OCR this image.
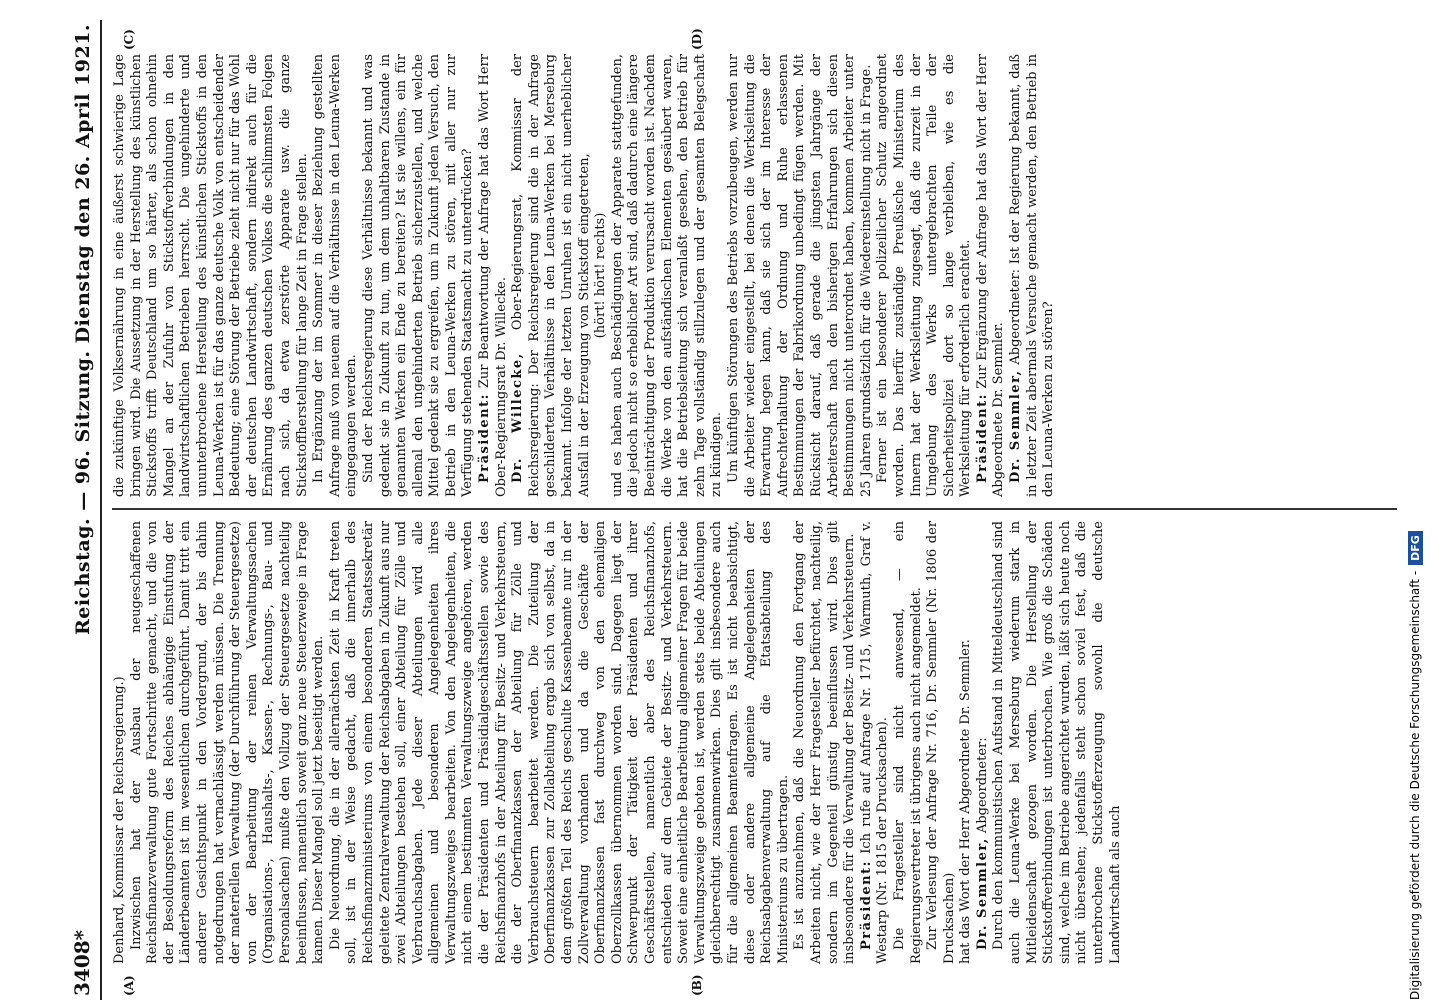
3408*
Reichstag. — 96. Sitzung. Dienstag den 26. April 1921.
(A)	(B)
(C)	(D)

Denhard, Kommissar der Reichsregierung.) Inzwischen hat der Ausbau der neugeschaffenen Reichsfinanzverwaltung gute Fortschritte gemacht, und die von der Besoldungsreform des Reiches abhängige Einstufung der Länderbeamten ist im wesentlichen durchgeführt. Damit tritt ein anderer Gesichtspunkt in den Vordergrund, der bis dahin notgedrungen hat vernachlässigt werden müssen. Die Trennung der materiellen Verwaltung (der Durchführung der Steuergesetze) von der Bearbeitung der reinen Verwaltungssachen (Organisations-, Haushalts-, Kassen-, Rechnungs-, Bau- und Personalsachen) mußte den Vollzug der Steuergesetze nachteilig beeinflussen, namentlich soweit ganz neue Steuerzweige in Frage kamen. Dieser Mangel soll jetzt beseitigt werden. Die Neuordnung, die in der allernächsten Zeit in Kraft treten soll, ist in der Weise gedacht, daß die innerhalb des Reichsfinanzministeriums von einem besonderen Staatssekretär geleitete Zentralverwaltung der Reichsabgaben in Zukunft aus nur zwei Abteilungen bestehen soll, einer Abteilung für Zölle und Verbrauchsabgaben. Jede dieser Abteilungen wird alle allgemeinen und besonderen Angelegenheiten ihres Verwaltungszweiges bearbeiten. Von den Angelegenheiten, die nicht einem bestimmten Verwaltungszweige angehören, werden die der Präsidenten und Präsidialgeschäftsstellen sowie des Reichsfinanzhofs in der Abteilung für Besitz- und Verkehrsteuern, die der Oberfinanzkassen der Abteilung für Zölle und Verbrauchsteuern bearbeitet werden. Die Zuteilung der Oberfinanzkassen zur Zollabteilung ergab sich von selbst, da in dem größten Teil des Reichs geschulte Kassenbeamte nur in der Zollverwaltung vorhanden und da die Geschäfte der Oberfinanzkassen fast durchweg von den ehemaligen Oberzollkassen übernommen worden sind. Dagegen liegt der Schwerpunkt der Tätigkeit der Präsidenten und ihrer Geschäftsstellen, namentlich aber des Reichsfinanzhofs, entschieden auf dem Gebiete der Besitz- und Verkehrsteuern. Soweit eine einheitliche Bearbeitung allgemeiner Fragen für beide Verwaltungszweige geboten ist, werden stets beide Abteilungen gleichberechtigt zusammenwirken. Dies gilt insbesondere auch für die allgemeinen Beamtenfragen. Es ist nicht beabsichtigt, diese oder andere allgemeine Angelegenheiten der Reichsabgabenverwaltung auf die Etatsabteilung des Ministeriums zu übertragen. Es ist anzunehmen, daß die Neuordnung den Fortgang der Arbeiten nicht, wie der Herr Fragesteller befürchtet, nachteilig, sondern im Gegenteil günstig beeinflussen wird. Dies gilt insbesondere für die Verwaltung der Besitz- und Verkehrsteuern. Präsident: Ich rufe auf Anfrage Nr. 1715, Warmuth, Graf v. Westarp (Nr. 1815 der Drucksachen). Die Fragesteller sind nicht anwesend, — ein Regierungsvertreter ist übrigens auch nicht angemeldet. Zur Verlesung der Anfrage Nr. 716, Dr. Semmler (Nr. 1806 der Drucksachen) hat das Wort der Herr Abgeordnete Dr. Semmler. Dr. Semmler, Abgeordneter: Durch den kommunistischen Aufstand in Mitteldeutschland sind auch die Leuna-Werke bei Merseburg wiederum stark in Mitleidenschaft gezogen worden. Die Herstellung der Stickstoffverbindungen ist unterbrochen. Wie groß die Schäden sind, welche im Betriebe angerichtet wurden, läßt sich heute noch nicht übersehen; jedenfalls steht schon soviel fest, daß die unterbrochene Stickstofferzeugung sowohl die deutsche Landwirtschaft als auch

die zukünftige Volksernährung in eine äußerst schwierige Lage bringen wird. Die Aussetzung in der Herstellung des künstlichen Stickstoffs trifft Deutschland um so härter, als schon ohnehin Mangel an der Zufuhr von Stickstoffverbindungen in den landwirtschaftlichen Betrieben herrscht. Die ungehinderte und ununterbrochene Herstellung des künstlichen Stickstoffs in den Leuna-Werken ist für das ganze deutsche Volk von entscheidender Bedeutung; eine Störung der Betriebe zieht nicht nur für das Wohl der deutschen Landwirtschaft, sondern indirekt auch für die Ernährung des ganzen deutschen Volkes die schlimmsten Folgen nach sich, da etwa zerstörte Apparate usw. die ganze Stickstoffherstellung für lange Zeit in Frage stellen. In Ergänzung der im Sommer in dieser Beziehung gestellten Anfrage muß von neuem auf die Verhältnisse in den Leuna-Werken eingegangen werden. Sind der Reichsregierung diese Verhältnisse bekannt und was gedenkt sie in Zukunft zu tun, um dem unhaltbaren Zustande in genannten Werken ein Ende zu bereiten? Ist sie willens, ein für allemal den ungehinderten Betrieb sicherzustellen, und welche Mittel gedenkt sie zu ergreifen, um in Zukunft jeden Versuch, den Betrieb in den Leuna-Werken zu stören, mit aller nur zur Verfügung stehenden Staatsmacht zu unterdrücken? Präsident: Zur Beantwortung der Anfrage hat das Wort Herr Ober-Regierungsrat Dr. Willecke. Dr. Willecke, Ober-Regierungsrat, Kommissar der Reichsregierung: Der Reichsregierung sind die in der Anfrage geschilderten Verhältnisse in den Leuna-Werken bei Merseburg bekannt. Infolge der letzten Unruhen ist ein nicht unerheblicher Ausfall in der Erzeugung von Stickstoff eingetreten, (hört! hört! rechts) und es haben auch Beschädigungen der Apparate stattgefunden, die jedoch nicht so erheblicher Art sind, daß dadurch eine längere Beeinträchtigung der Produktion verursacht worden ist. Nachdem die Werke von den aufständischen Elementen gesäubert waren, hat die Betriebsleitung sich veranlaßt gesehen, den Betrieb für zehn Tage vollständig stillzulegen und der gesamten Belegschaft zu kündigen. Um künftigen Störungen des Betriebs vorzubeugen, werden nur die Arbeiter wieder eingestellt, bei denen die Werksleitung die Erwartung hegen kann, daß sie sich der im Interesse der Aufrechterhaltung der Ordnung und Ruhe erlassenen Bestimmungen der Fabrikordnung unbedingt fügen werden. Mit Rücksicht darauf, daß gerade die jüngsten Jahrgänge der Arbeiterschaft nach den bisherigen Erfahrungen sich diesen Bestimmungen nicht unterordnet haben, kommen Arbeiter unter 25 Jahren grundsätzlich für die Wiedereinstellung nicht in Frage. Ferner ist ein besonderer polizeilicher Schutz angeordnet worden. Das hierfür zuständige Preußische Ministerium des Innern hat der Werksleitung zugesagt, daß die zurzeit in der Umgebung des Werks untergebrachten Teile der Sicherheitspolizei dort so lange verbleiben, wie es die Werksleitung für erforderlich erachtet. Präsident: Zur Ergänzung der Anfrage hat das Wort der Herr Abgeordnete Dr. Semmler. Dr. Semmler, Abgeordneter: Ist der Regierung bekannt, daß in letzter Zeit abermals Versuche gemacht werden, den Betrieb in den Leuna-Werken zu stören?

Digitalisierung gefördert durch die Deutsche Forschungsgemeinschaft -
DFG
